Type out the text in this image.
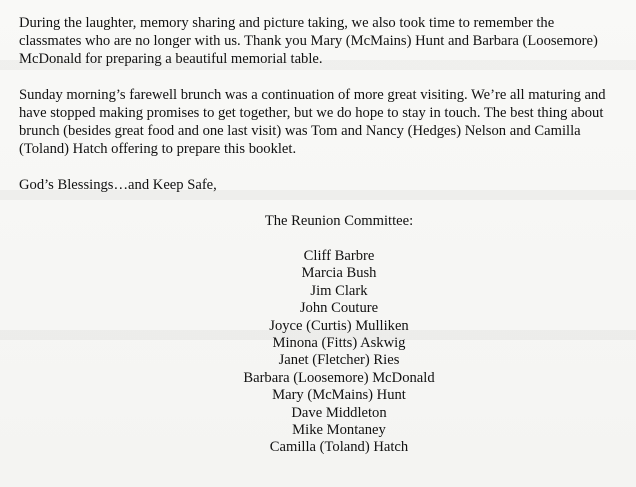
During the laughter, memory sharing and picture taking, we also took time to remember the classmates who are no longer with us. Thank you Mary (McMains) Hunt and Barbara (Loosemore) McDonald for preparing a beautiful memorial table.

Sunday morning’s farewell brunch was a continuation of more great visiting. We’re all maturing and have stopped making promises to get together, but we do hope to stay in touch. The best thing about brunch (besides great food and one last visit) was Tom and Nancy (Hedges) Nelson and Camilla (Toland) Hatch offering to prepare this booklet.

God’s Blessings…and Keep Safe,

The Reunion Committee:

Cliff Barbre
Marcia Bush
Jim Clark
John Couture
Joyce (Curtis) Mulliken
Minona (Fitts) Askwig
Janet (Fletcher) Ries
Barbara (Loosemore) McDonald
Mary (McMains) Hunt
Dave Middleton
Mike Montaney
Camilla (Toland) Hatch
